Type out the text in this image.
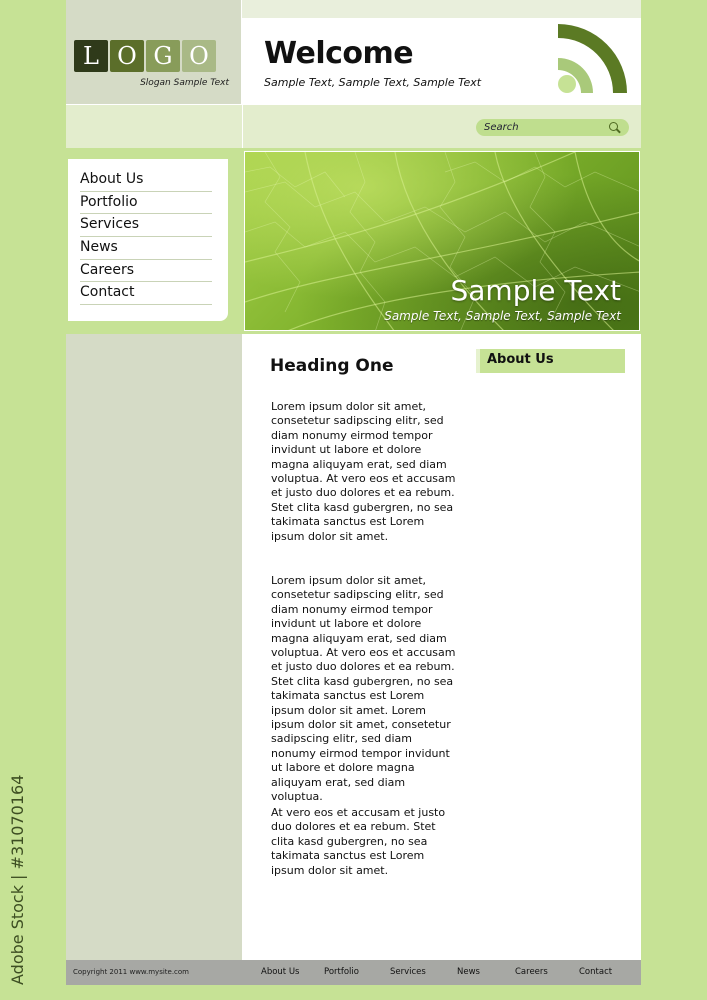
L O G O
Slogan Sample Text
Welcome
Sample Text, Sample Text, Sample Text
Search
About Us
Portfolio
Services
News
Careers
Contact	Sample Text
Sample Text, Sample Text, Sample Text
Heading One

Lorem ipsum dolor sit amet, consetetur sadipscing elitr, sed diam nonumy eirmod tempor invidunt ut labore et dolore magna aliquyam erat, sed diam voluptua. At vero eos et accusam et justo duo dolores et ea rebum. Stet clita kasd gubergren, no sea takimata sanctus est Lorem ipsum dolor sit amet.

Lorem ipsum dolor sit amet, consetetur sadipscing elitr, sed diam nonumy eirmod tempor invidunt ut labore et dolore magna aliquyam erat, sed diam voluptua. At vero eos et accusam et justo duo dolores et ea rebum. Stet clita kasd gubergren, no sea takimata sanctus est Lorem ipsum dolor sit amet. Lorem ipsum dolor sit amet, consetetur sadipscing elitr, sed diam nonumy eirmod tempor invidunt ut labore et dolore magna aliquyam erat, sed diam voluptua.

At vero eos et accusam et justo duo dolores et ea rebum. Stet clita kasd gubergren, no sea takimata sanctus est Lorem ipsum dolor sit amet.

About Us
Copyright 2011 www.mysite.com	About Us	Portfolio	Services	News	Careers	Contact
Adobe Stock | #31070164
